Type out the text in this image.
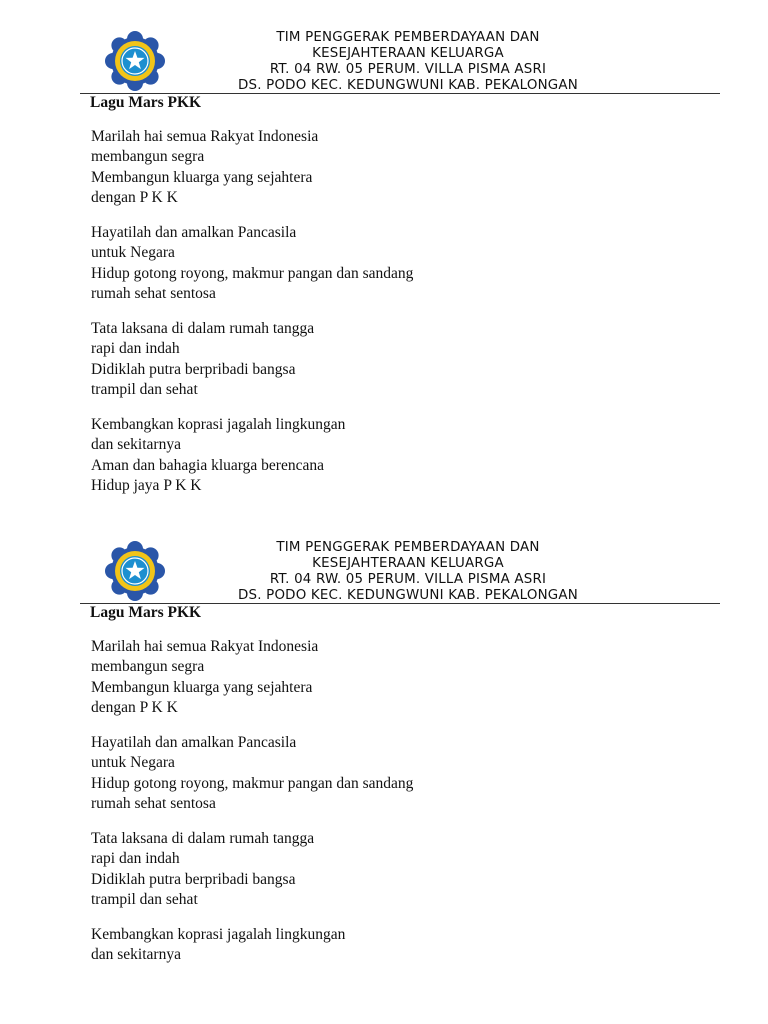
TIM PENGGERAK PEMBERDAYAAN DAN
KESEJAHTERAAN KELUARGA
RT. 04 RW. 05 PERUM. VILLA PISMA ASRI
DS. PODO KEC. KEDUNGWUNI KAB. PEKALONGAN
Lagu Mars PKK
Marilah hai semua Rakyat Indonesia
membangun segra
Membangun kluarga yang sejahtera
dengan P K K
Hayatilah dan amalkan Pancasila
untuk Negara
Hidup gotong royong, makmur pangan dan sandang
rumah sehat sentosa
Tata laksana di dalam rumah tangga
rapi dan indah
Didiklah putra berpribadi bangsa
trampil dan sehat
Kembangkan koprasi jagalah lingkungan
dan sekitarnya
Aman dan bahagia kluarga berencana
Hidup jaya P K K
TIM PENGGERAK PEMBERDAYAAN DAN
KESEJAHTERAAN KELUARGA
RT. 04 RW. 05 PERUM. VILLA PISMA ASRI
DS. PODO KEC. KEDUNGWUNI KAB. PEKALONGAN
Lagu Mars PKK
Marilah hai semua Rakyat Indonesia
membangun segra
Membangun kluarga yang sejahtera
dengan P K K
Hayatilah dan amalkan Pancasila
untuk Negara
Hidup gotong royong, makmur pangan dan sandang
rumah sehat sentosa
Tata laksana di dalam rumah tangga
rapi dan indah
Didiklah putra berpribadi bangsa
trampil dan sehat
Kembangkan koprasi jagalah lingkungan
dan sekitarnya
